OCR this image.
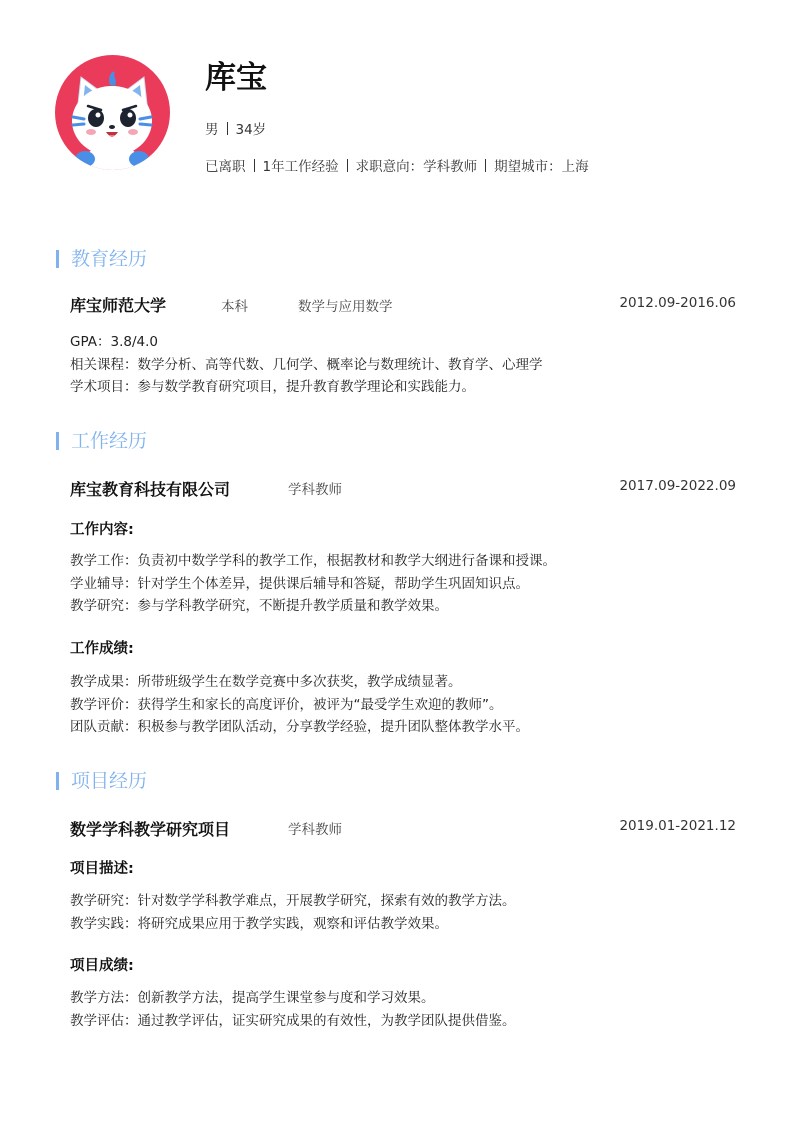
库宝
男 34岁
已离职 1年工作经验 求职意向：学科教师 期望城市：上海
教育经历
库宝师范大学	本科	数学与应用数学	2012.09-2016.06
GPA：3.8/4.0
相关课程：数学分析、高等代数、几何学、概率论与数理统计、教育学、心理学
学术项目：参与数学教育研究项目，提升教育教学理论和实践能力。
工作经历
库宝教育科技有限公司	学科教师	2017.09-2022.09
工作内容:
教学工作：负责初中数学学科的教学工作，根据教材和教学大纲进行备课和授课。
学业辅导：针对学生个体差异，提供课后辅导和答疑，帮助学生巩固知识点。
教学研究：参与学科教学研究，不断提升教学质量和教学效果。
工作成绩:
教学成果：所带班级学生在数学竞赛中多次获奖，教学成绩显著。
教学评价：获得学生和家长的高度评价，被评为“最受学生欢迎的教师”。
团队贡献：积极参与教学团队活动，分享教学经验，提升团队整体教学水平。
项目经历
数学学科教学研究项目	学科教师	2019.01-2021.12
项目描述:
教学研究：针对数学学科教学难点，开展教学研究，探索有效的教学方法。
教学实践：将研究成果应用于教学实践，观察和评估教学效果。
项目成绩:
教学方法：创新教学方法，提高学生课堂参与度和学习效果。
教学评估：通过教学评估，证实研究成果的有效性，为教学团队提供借鉴。
